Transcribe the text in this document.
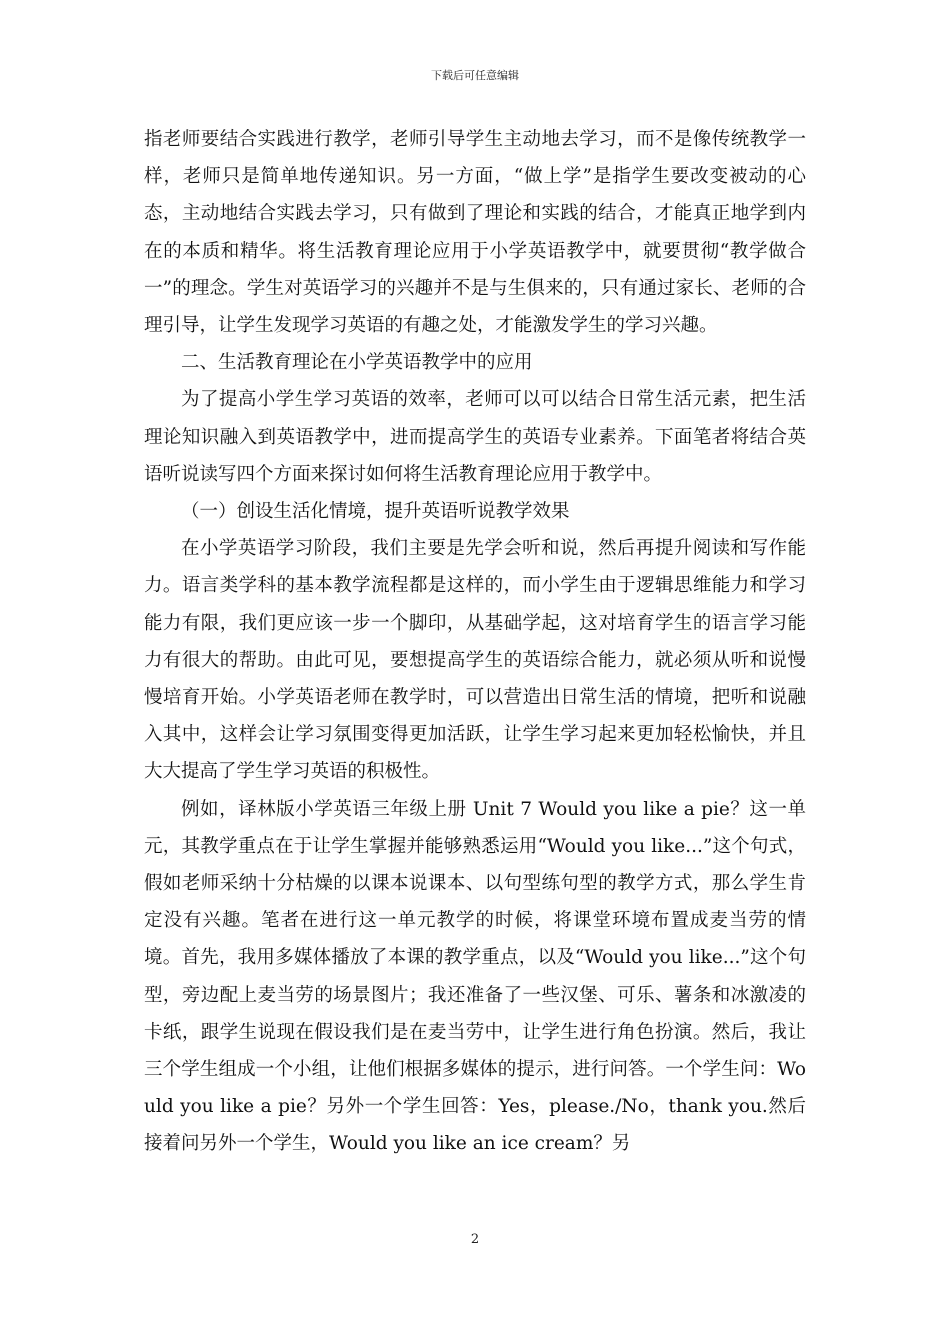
下载后可任意编辑

指老师要结合实践进行教学，老师引导学生主动地去学习，而不是像传统教学一样，老师只是简单地传递知识。另一方面，“做上学”是指学生要改变被动的心态，主动地结合实践去学习，只有做到了理论和实践的结合，才能真正地学到内在的本质和精华。将生活教育理论应用于小学英语教学中，就要贯彻“教学做合一”的理念。学生对英语学习的兴趣并不是与生俱来的，只有通过家长、老师的合理引导，让学生发现学习英语的有趣之处，才能激发学生的学习兴趣。

二、生活教育理论在小学英语教学中的应用

为了提高小学生学习英语的效率，老师可以可以结合日常生活元素，把生活理论知识融入到英语教学中，进而提高学生的英语专业素养。下面笔者将结合英语听说读写四个方面来探讨如何将生活教育理论应用于教学中。

（一）创设生活化情境，提升英语听说教学效果

在小学英语学习阶段，我们主要是先学会听和说，然后再提升阅读和写作能力。语言类学科的基本教学流程都是这样的，而小学生由于逻辑思维能力和学习能力有限，我们更应该一步一个脚印，从基础学起，这对培育学生的语言学习能力有很大的帮助。由此可见，要想提高学生的英语综合能力，就必须从听和说慢慢培育开始。小学英语老师在教学时，可以营造出日常生活的情境，把听和说融入其中，这样会让学习氛围变得更加活跃，让学生学习起来更加轻松愉快，并且大大提高了学生学习英语的积极性。

例如，译林版小学英语三年级上册 Unit 7 Would you like a pie？这一单元，其教学重点在于让学生掌握并能够熟悉运用“Would you like...”这个句式，假如老师采纳十分枯燥的以课本说课本、以句型练句型的教学方式，那么学生肯定没有兴趣。笔者在进行这一单元教学的时候，将课堂环境布置成麦当劳的情境。首先，我用多媒体播放了本课的教学重点，以及“Would you like...”这个句型，旁边配上麦当劳的场景图片；我还准备了一些汉堡、可乐、薯条和冰激凌的卡纸，跟学生说现在假设我们是在麦当劳中，让学生进行角色扮演。然后，我让三个学生组成一个小组，让他们根据多媒体的提示，进行问答。一个学生问：Would you like a pie？另外一个学生回答：Yes，please./No，thank you.然后接着问另外一个学生，Would you like an ice cream？另

2
